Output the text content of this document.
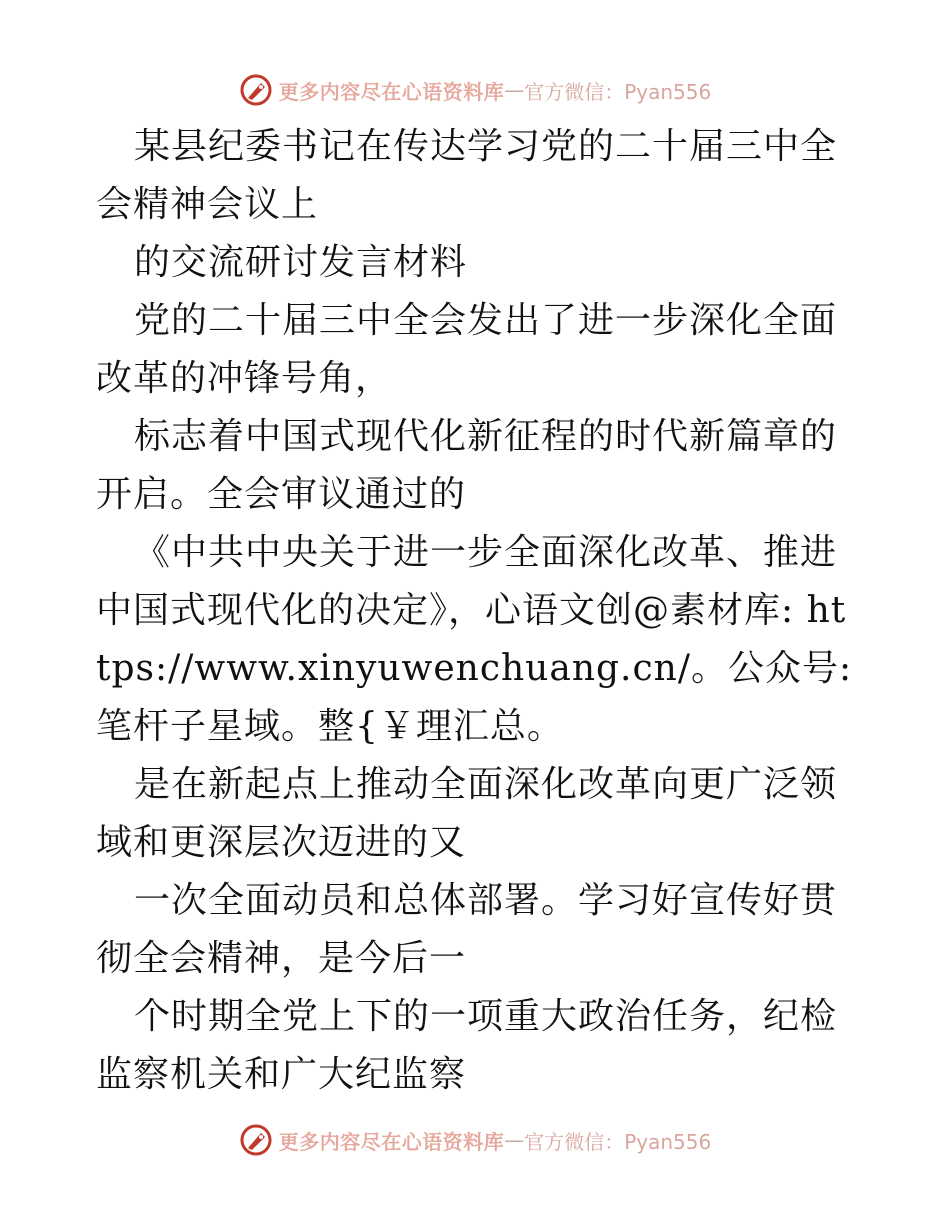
更多内容尽在心语资料库 — 官方微信：Pyan556

某县纪委书记在传达学习党的二十届三中全会精神会议上

的交流研讨发言材料

党的二十届三中全会发出了进一步深化全面改革的冲锋号角，

标志着中国式现代化新征程的时代新篇章的开启。全会审议通过的

《中共中央关于进一步全面深化改革、推进中国式现代化的决定》，心语文创@素材库: https://www.xinyuwenchuang.cn/。公众号: 笔杆子星域。整{￥理汇总。

是在新起点上推动全面深化改革向更广泛领域和更深层次迈进的又

一次全面动员和总体部署。学习好宣传好贯彻全会精神，是今后一

个时期全党上下的一项重大政治任务，纪检监察机关和广大纪监察

更多内容尽在心语资料库 — 官方微信：Pyan556
